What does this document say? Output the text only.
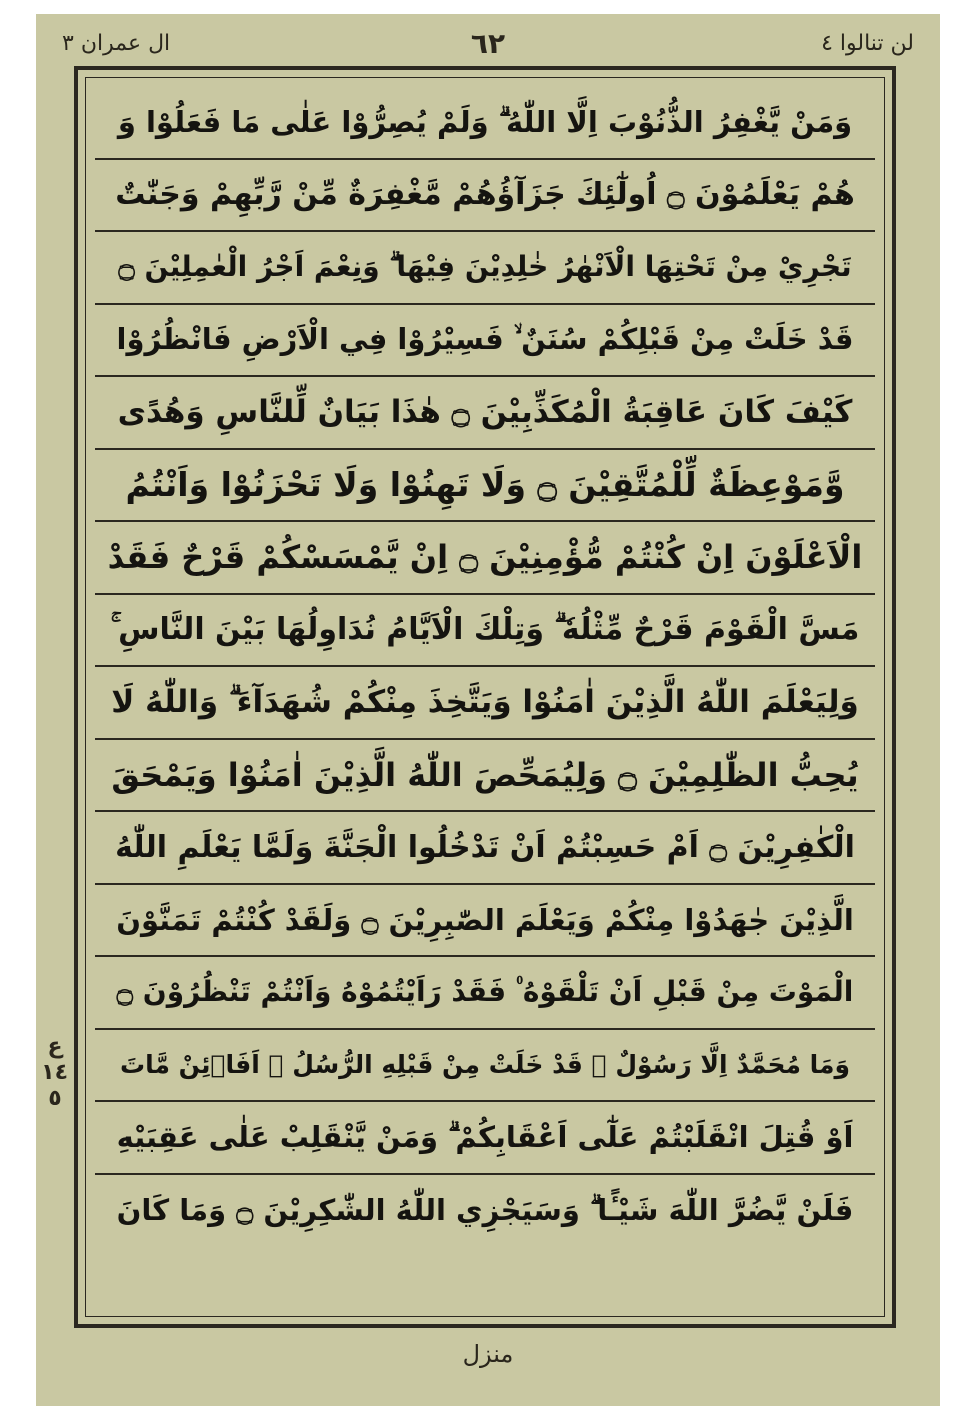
لن تنالوا ٤
٦٢
ال عمران ٣
ع
١٤
٥
وَمَنْ يَّغْفِرُ الذُّنُوْبَ اِلَّا اللّٰهُ ۗ وَلَمْ يُصِرُّوْا عَلٰى مَا فَعَلُوْا وَ
هُمْ يَعْلَمُوْنَ ۝ اُولٰٓئِكَ جَزَآؤُهُمْ مَّغْفِرَةٌ مِّنْ رَّبِّهِمْ وَجَنّٰتٌ
تَجْرِيْ مِنْ تَحْتِهَا الْاَنْهٰرُ خٰلِدِيْنَ فِيْهَا ۗ وَنِعْمَ اَجْرُ الْعٰمِلِيْنَ ۝
قَدْ خَلَتْ مِنْ قَبْلِكُمْ سُنَنٌ ۙ فَسِيْرُوْا فِي الْاَرْضِ فَانْظُرُوْا
كَيْفَ كَانَ عَاقِبَةُ الْمُكَذِّبِيْنَ ۝ هٰذَا بَيَانٌ لِّلنَّاسِ وَهُدًى
وَّمَوْعِظَةٌ لِّلْمُتَّقِيْنَ ۝ وَلَا تَهِنُوْا وَلَا تَحْزَنُوْا وَاَنْتُمُ
الْاَعْلَوْنَ اِنْ كُنْتُمْ مُّؤْمِنِيْنَ ۝ اِنْ يَّمْسَسْكُمْ قَرْحٌ فَقَدْ
مَسَّ الْقَوْمَ قَرْحٌ مِّثْلُهٗ ۗ وَتِلْكَ الْاَيَّامُ نُدَاوِلُهَا بَيْنَ النَّاسِ ۚ
وَلِيَعْلَمَ اللّٰهُ الَّذِيْنَ اٰمَنُوْا وَيَتَّخِذَ مِنْكُمْ شُهَدَآءَ ۗ وَاللّٰهُ لَا
يُحِبُّ الظّٰلِمِيْنَ ۝ وَلِيُمَحِّصَ اللّٰهُ الَّذِيْنَ اٰمَنُوْا وَيَمْحَقَ
الْكٰفِرِيْنَ ۝ اَمْ حَسِبْتُمْ اَنْ تَدْخُلُوا الْجَنَّةَ وَلَمَّا يَعْلَمِ اللّٰهُ
الَّذِيْنَ جٰهَدُوْا مِنْكُمْ وَيَعْلَمَ الصّٰبِرِيْنَ ۝ وَلَقَدْ كُنْتُمْ تَمَنَّوْنَ
الْمَوْتَ مِنْ قَبْلِ اَنْ تَلْقَوْهُ ۠ فَقَدْ رَاَيْتُمُوْهُ وَاَنْتُمْ تَنْظُرُوْنَ ۝
وَمَا مُحَمَّدٌ اِلَّا رَسُوْلٌ ۚ قَدْ خَلَتْ مِنْ قَبْلِهِ الرُّسُلُ ۗ اَفَا۟ئِنْ مَّاتَ
اَوْ قُتِلَ انْقَلَبْتُمْ عَلٰٓى اَعْقَابِكُمْ ۗ وَمَنْ يَّنْقَلِبْ عَلٰى عَقِبَيْهِ
فَلَنْ يَّضُرَّ اللّٰهَ شَيْـًٔا ۗ وَسَيَجْزِي اللّٰهُ الشّٰكِرِيْنَ ۝ وَمَا كَانَ
منزل
